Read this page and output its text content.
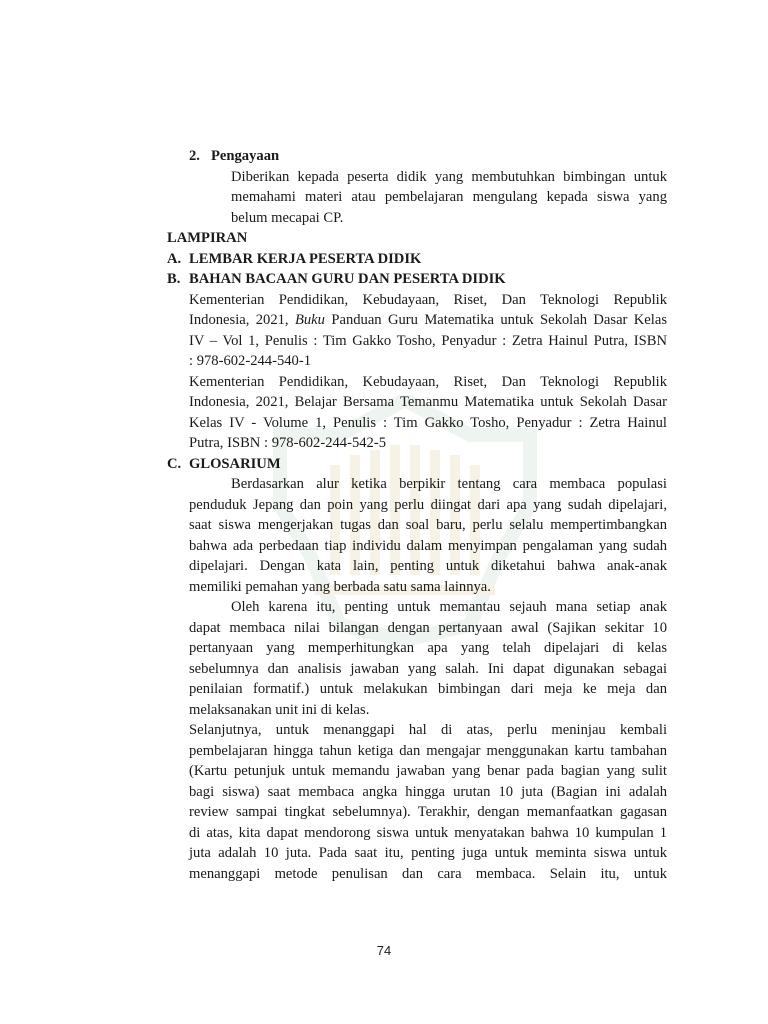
2. Pengayaan
Diberikan kepada peserta didik yang membutuhkan bimbingan untuk
memahami materi atau pembelajaran mengulang kepada siswa yang
belum mecapai CP.
LAMPIRAN
A. LEMBAR KERJA PESERTA DIDIK
B. BAHAN BACAAN GURU DAN PESERTA DIDIK
Kementerian Pendidikan, Kebudayaan, Riset, Dan Teknologi Republik
Indonesia, 2021, Buku Panduan Guru Matematika untuk Sekolah Dasar Kelas
IV – Vol 1, Penulis : Tim Gakko Tosho, Penyadur : Zetra Hainul Putra, ISBN
: 978-602-244-540-1
Kementerian Pendidikan, Kebudayaan, Riset, Dan Teknologi Republik
Indonesia, 2021, Belajar Bersama Temanmu Matematika untuk Sekolah Dasar
Kelas IV - Volume 1, Penulis : Tim Gakko Tosho, Penyadur : Zetra Hainul
Putra, ISBN : 978-602-244-542-5
C. GLOSARIUM
Berdasarkan alur ketika berpikir tentang cara membaca populasi
penduduk Jepang dan poin yang perlu diingat dari apa yang sudah dipelajari,
saat siswa mengerjakan tugas dan soal baru, perlu selalu mempertimbangkan
bahwa ada perbedaan tiap individu dalam menyimpan pengalaman yang sudah
dipelajari. Dengan kata lain, penting untuk diketahui bahwa anak-anak
memiliki pemahan yang berbada satu sama lainnya.
Oleh karena itu, penting untuk memantau sejauh mana setiap anak
dapat membaca nilai bilangan dengan pertanyaan awal (Sajikan sekitar 10
pertanyaan yang memperhitungkan apa yang telah dipelajari di kelas
sebelumnya dan analisis jawaban yang salah. Ini dapat digunakan sebagai
penilaian formatif.) untuk melakukan bimbingan dari meja ke meja dan
melaksanakan unit ini di kelas.
Selanjutnya, untuk menanggapi hal di atas, perlu meninjau kembali
pembelajaran hingga tahun ketiga dan mengajar menggunakan kartu tambahan
(Kartu petunjuk untuk memandu jawaban yang benar pada bagian yang sulit
bagi siswa) saat membaca angka hingga urutan 10 juta (Bagian ini adalah
review sampai tingkat sebelumnya). Terakhir, dengan memanfaatkan gagasan
di atas, kita dapat mendorong siswa untuk menyatakan bahwa 10 kumpulan 1
juta adalah 10 juta. Pada saat itu, penting juga untuk meminta siswa untuk
menanggapi metode penulisan dan cara membaca. Selain itu, untuk
74
